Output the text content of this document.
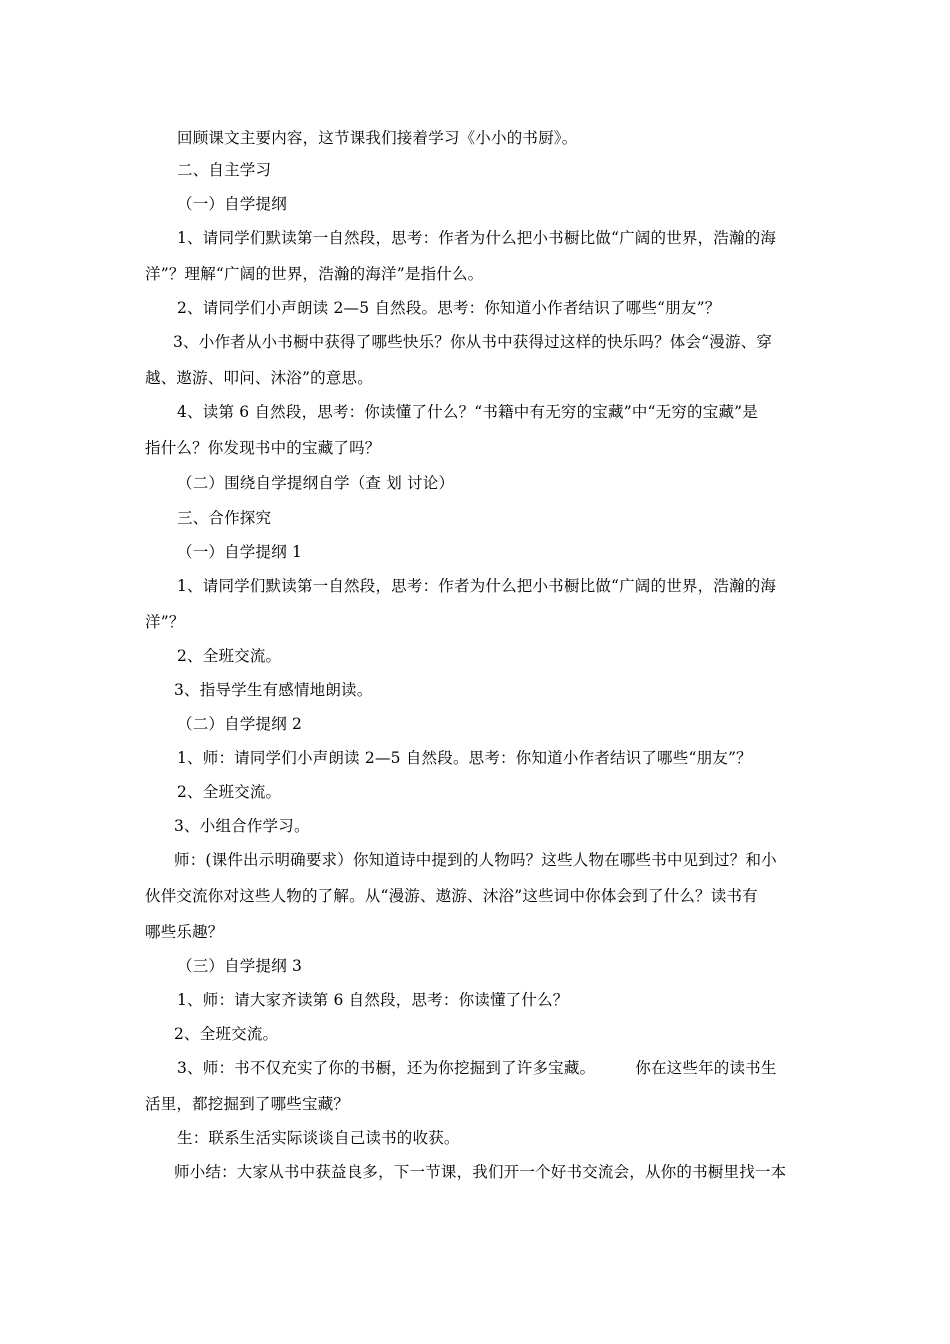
回顾课文主要内容，这节课我们接着学习《小小的书厨》。
二、自主学习
（一）自学提纲
1、请同学们默读第一自然段，思考：作者为什么把小书橱比做“广阔的世界，浩瀚的海
洋”？理解“广阔的世界，浩瀚的海洋”是指什么。
2、请同学们小声朗读 2—5 自然段。思考：你知道小作者结识了哪些“朋友”？
3、小作者从小书橱中获得了哪些快乐？你从书中获得过这样的快乐吗？体会“漫游、穿
越、遨游、叩问、沐浴”的意思。
4、读第 6 自然段，思考：你读懂了什么？“书籍中有无穷的宝藏”中“无穷的宝藏”是
指什么？你发现书中的宝藏了吗？
（二）围绕自学提纲自学（查 划 讨论）
三、合作探究
（一）自学提纲 1
1、请同学们默读第一自然段，思考：作者为什么把小书橱比做“广阔的世界，浩瀚的海
洋”？
2、全班交流。
3、指导学生有感情地朗读。
（二）自学提纲 2
1、师：请同学们小声朗读 2—5 自然段。思考：你知道小作者结识了哪些“朋友”？
2、全班交流。
3、小组合作学习。
师：(课件出示明确要求）你知道诗中提到的人物吗？这些人物在哪些书中见到过？和小
伙伴交流你对这些人物的了解。从“漫游、遨游、沐浴”这些词中你体会到了什么？读书有
哪些乐趣？
（三）自学提纲 3
1、师：请大家齐读第 6 自然段，思考：你读懂了什么？
2、全班交流。
3、师：书不仅充实了你的书橱，还为你挖掘到了许多宝藏。	你在这些年的读书生
活里，都挖掘到了哪些宝藏？
生：联系生活实际谈谈自己读书的收获。
师小结：大家从书中获益良多，下一节课，我们开一个好书交流会，从你的书橱里找一本
